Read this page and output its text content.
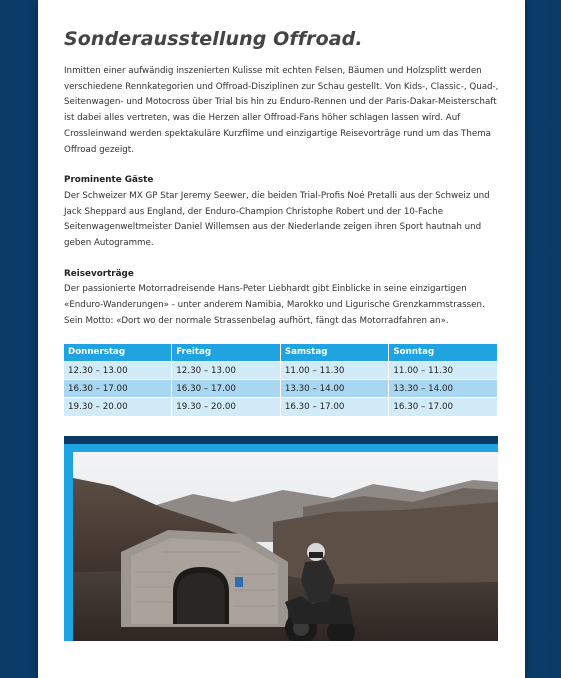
Sonderausstellung Offroad.

Inmitten einer aufwändig inszenierten Kulisse mit echten Felsen, Bäumen und Holzsplitt werden verschiedene Rennkategorien und Offroad-Disziplinen zur Schau gestellt. Von Kids-, Classic-, Quad-, Seitenwagen- und Motocross über Trial bis hin zu Enduro-Rennen und der Paris-Dakar-Meisterschaft ist dabei alles vertreten, was die Herzen aller Offroad-Fans höher schlagen lassen wird. Auf Crossleinwand werden spektakuläre Kurzfilme und einzigartige Reisevorträge rund um das Thema Offroad gezeigt.

Prominente Gäste

Der Schweizer MX GP Star Jeremy Seewer, die beiden Trial-Profis Noé Pretalli aus der Schweiz und Jack Sheppard aus England, der Enduro-Champion Christophe Robert und der 10-Fache Seitenwagenweltmeister Daniel Willemsen aus der Niederlande zeigen ihren Sport hautnah und geben Autogramme.

Reisevorträge

Der passionierte Motorradreisende Hans-Peter Liebhardt gibt Einblicke in seine einzigartigen «Enduro-Wanderungen» - unter anderem Namibia, Marokko und Ligurische Grenzkammstrassen. Sein Motto: «Dort wo der normale Strassenbelag aufhört, fängt das Motorradfahren an».

Donnerstag	Freitag	Samstag	Sonntag
12.30 – 13.00	12.30 – 13.00	11.00 – 11.30	11.00 – 11.30
16.30 – 17.00	16.30 – 17.00	13.30 – 14.00	13.30 – 14.00
19.30 – 20.00	19.30 – 20.00	16.30 – 17.00	16.30 – 17.00
